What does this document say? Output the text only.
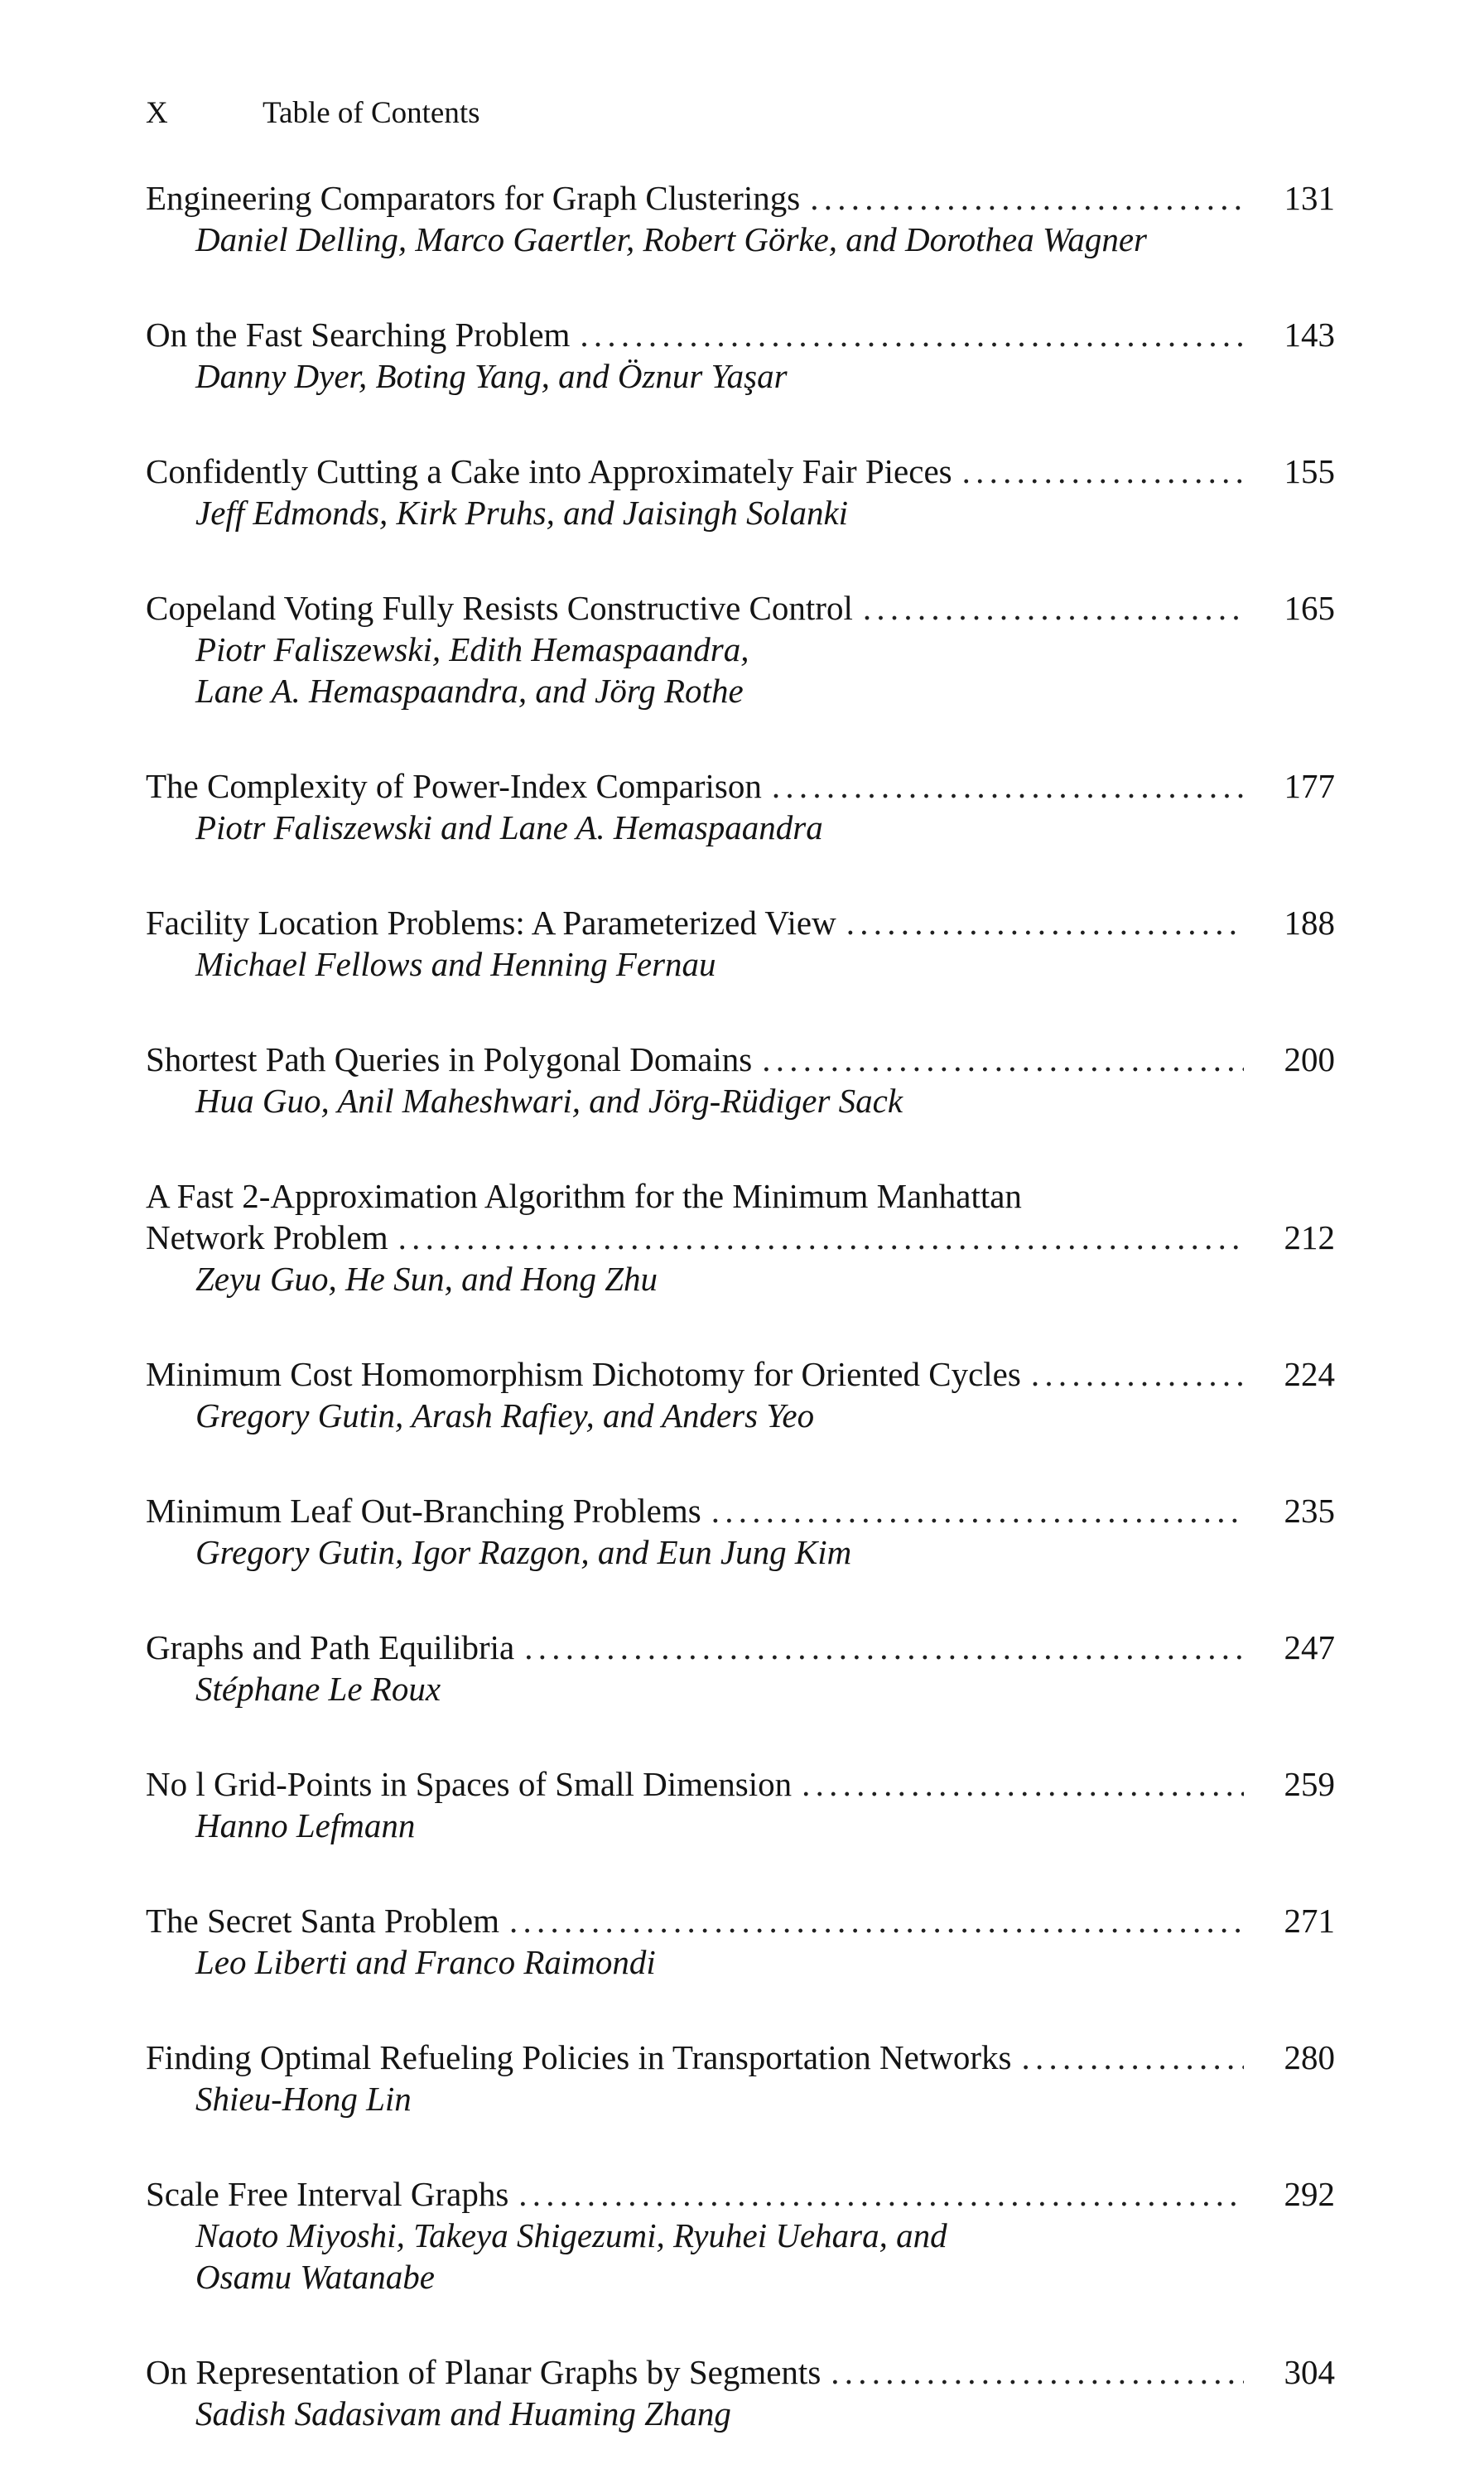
X	Table of Contents
Engineering Comparators for Graph Clusterings . . .	131
Daniel Delling, Marco Gaertler, Robert Görke, and Dorothea Wagner
On the Fast Searching Problem . . .	143
Danny Dyer, Boting Yang, and Öznur Yaşar
Confidently Cutting a Cake into Approximately Fair Pieces . . .	155
Jeff Edmonds, Kirk Pruhs, and Jaisingh Solanki
Copeland Voting Fully Resists Constructive Control . . .	165
Piotr Faliszewski, Edith Hemaspaandra,
Lane A. Hemaspaandra, and Jörg Rothe
The Complexity of Power-Index Comparison . . .	177
Piotr Faliszewski and Lane A. Hemaspaandra
Facility Location Problems: A Parameterized View . . .	188
Michael Fellows and Henning Fernau
Shortest Path Queries in Polygonal Domains . . .	200
Hua Guo, Anil Maheshwari, and Jörg-Rüdiger Sack
A Fast 2-Approximation Algorithm for the Minimum Manhattan
Network Problem . . .	212
Zeyu Guo, He Sun, and Hong Zhu
Minimum Cost Homomorphism Dichotomy for Oriented Cycles . . .	224
Gregory Gutin, Arash Rafiey, and Anders Yeo
Minimum Leaf Out-Branching Problems . . .	235
Gregory Gutin, Igor Razgon, and Eun Jung Kim
Graphs and Path Equilibria . . .	247
Stéphane Le Roux
No l Grid-Points in Spaces of Small Dimension . . .	259
Hanno Lefmann
The Secret Santa Problem . . .	271
Leo Liberti and Franco Raimondi
Finding Optimal Refueling Policies in Transportation Networks . . .	280
Shieu-Hong Lin
Scale Free Interval Graphs . . .	292
Naoto Miyoshi, Takeya Shigezumi, Ryuhei Uehara, and
Osamu Watanabe
On Representation of Planar Graphs by Segments . . .	304
Sadish Sadasivam and Huaming Zhang
